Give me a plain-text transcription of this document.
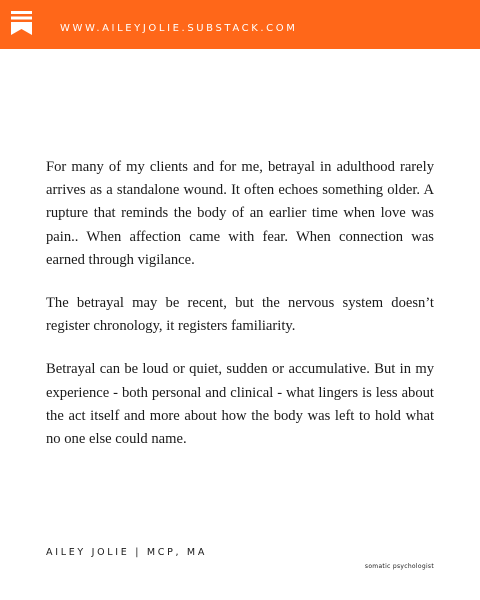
WWW.AILEYJOLIE.SUBSTACK.COM

For many of my clients and for me, betrayal in adulthood rarely arrives as a standalone wound. It often echoes something older. A rupture that reminds the body of an earlier time when love was pain.. When affection came with fear. When connection was earned through vigilance.

The betrayal may be recent, but the nervous system doesn’t register chronology, it registers familiarity.

Betrayal can be loud or quiet, sudden or accumulative. But in my experience - both personal and clinical - what lingers is less about the act itself and more about how the body was left to hold what no one else could name.

AILEY JOLIE | MCP, MA
somatic psychologist
